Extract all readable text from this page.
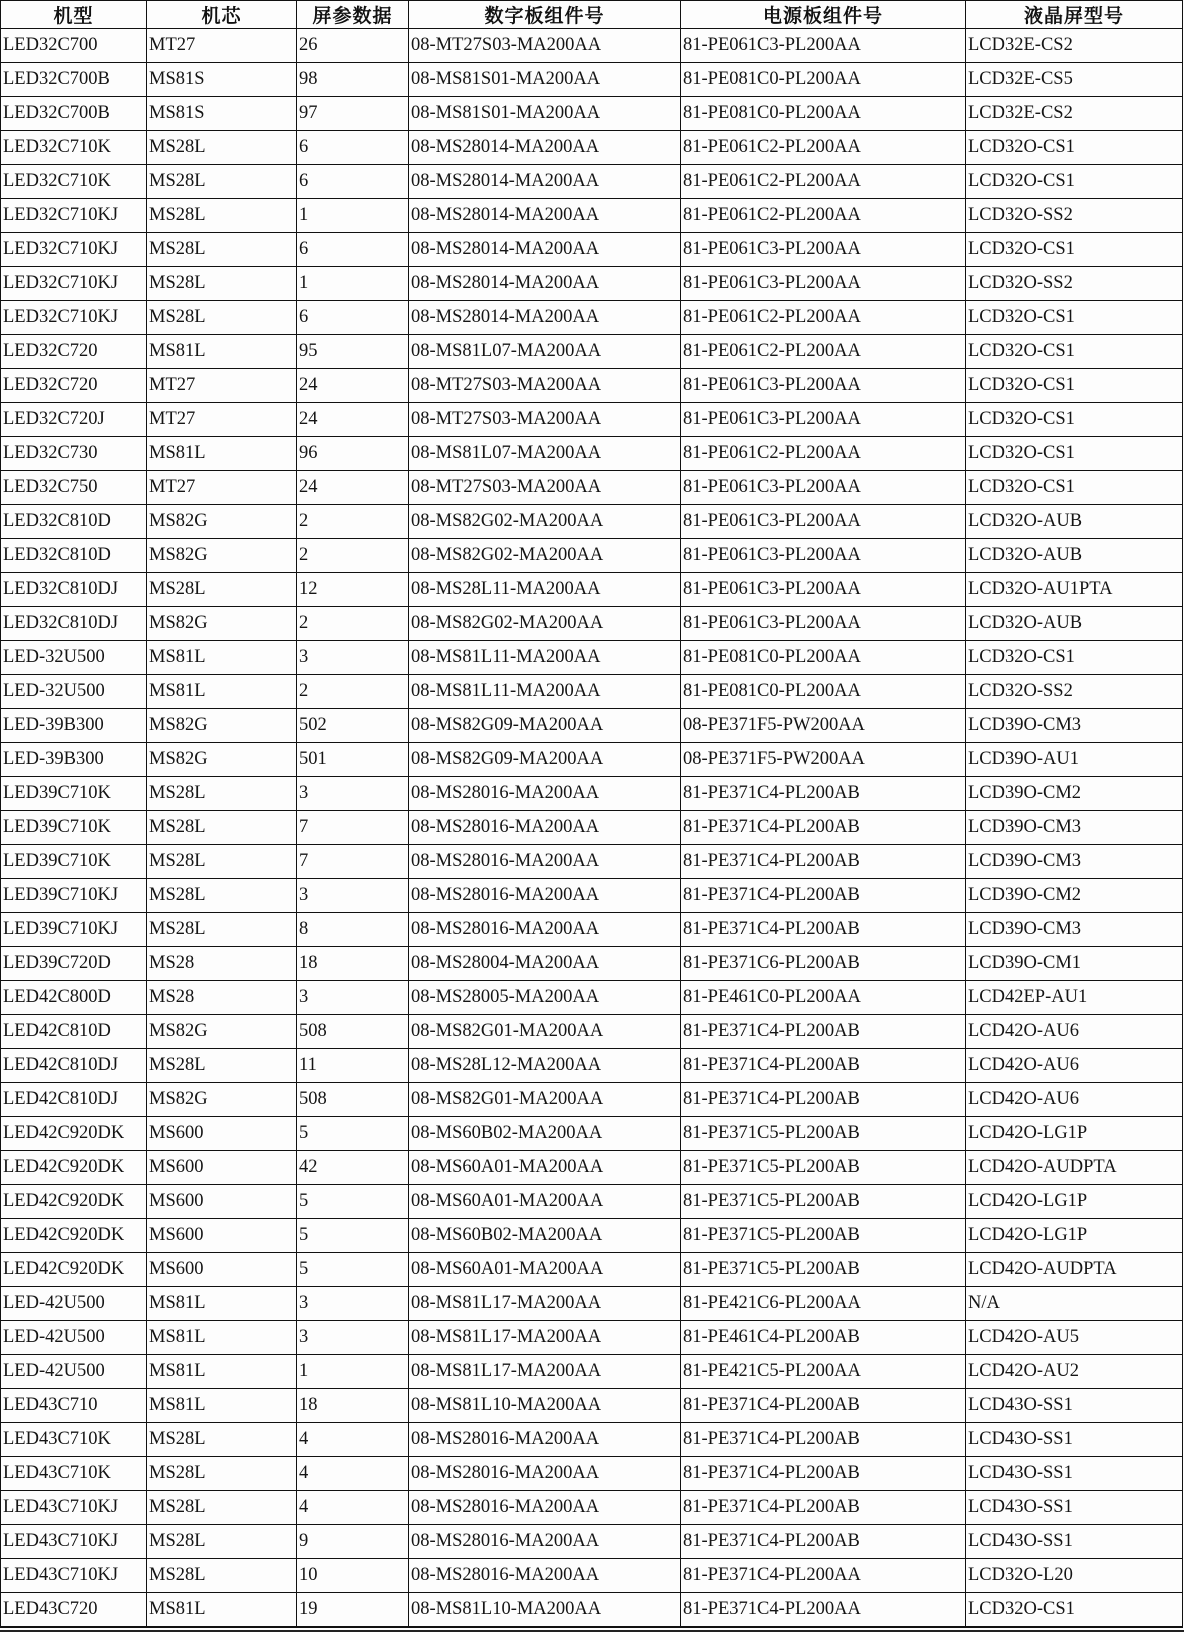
机型	机芯	屏参数据	数字板组件号	电源板组件号	液晶屏型号
LED32C700	MT27	26	08-MT27S03-MA200AA	81-PE061C3-PL200AA	LCD32E-CS2
LED32C700B	MS81S	98	08-MS81S01-MA200AA	81-PE081C0-PL200AA	LCD32E-CS5
LED32C700B	MS81S	97	08-MS81S01-MA200AA	81-PE081C0-PL200AA	LCD32E-CS2
LED32C710K	MS28L	6	08-MS28014-MA200AA	81-PE061C2-PL200AA	LCD32O-CS1
LED32C710K	MS28L	6	08-MS28014-MA200AA	81-PE061C2-PL200AA	LCD32O-CS1
LED32C710KJ	MS28L	1	08-MS28014-MA200AA	81-PE061C2-PL200AA	LCD32O-SS2
LED32C710KJ	MS28L	6	08-MS28014-MA200AA	81-PE061C3-PL200AA	LCD32O-CS1
LED32C710KJ	MS28L	1	08-MS28014-MA200AA	81-PE061C3-PL200AA	LCD32O-SS2
LED32C710KJ	MS28L	6	08-MS28014-MA200AA	81-PE061C2-PL200AA	LCD32O-CS1
LED32C720	MS81L	95	08-MS81L07-MA200AA	81-PE061C2-PL200AA	LCD32O-CS1
LED32C720	MT27	24	08-MT27S03-MA200AA	81-PE061C3-PL200AA	LCD32O-CS1
LED32C720J	MT27	24	08-MT27S03-MA200AA	81-PE061C3-PL200AA	LCD32O-CS1
LED32C730	MS81L	96	08-MS81L07-MA200AA	81-PE061C2-PL200AA	LCD32O-CS1
LED32C750	MT27	24	08-MT27S03-MA200AA	81-PE061C3-PL200AA	LCD32O-CS1
LED32C810D	MS82G	2	08-MS82G02-MA200AA	81-PE061C3-PL200AA	LCD32O-AUB
LED32C810D	MS82G	2	08-MS82G02-MA200AA	81-PE061C3-PL200AA	LCD32O-AUB
LED32C810DJ	MS28L	12	08-MS28L11-MA200AA	81-PE061C3-PL200AA	LCD32O-AU1PTA
LED32C810DJ	MS82G	2	08-MS82G02-MA200AA	81-PE061C3-PL200AA	LCD32O-AUB
LED-32U500	MS81L	3	08-MS81L11-MA200AA	81-PE081C0-PL200AA	LCD32O-CS1
LED-32U500	MS81L	2	08-MS81L11-MA200AA	81-PE081C0-PL200AA	LCD32O-SS2
LED-39B300	MS82G	502	08-MS82G09-MA200AA	08-PE371F5-PW200AA	LCD39O-CM3
LED-39B300	MS82G	501	08-MS82G09-MA200AA	08-PE371F5-PW200AA	LCD39O-AU1
LED39C710K	MS28L	3	08-MS28016-MA200AA	81-PE371C4-PL200AB	LCD39O-CM2
LED39C710K	MS28L	7	08-MS28016-MA200AA	81-PE371C4-PL200AB	LCD39O-CM3
LED39C710K	MS28L	7	08-MS28016-MA200AA	81-PE371C4-PL200AB	LCD39O-CM3
LED39C710KJ	MS28L	3	08-MS28016-MA200AA	81-PE371C4-PL200AB	LCD39O-CM2
LED39C710KJ	MS28L	8	08-MS28016-MA200AA	81-PE371C4-PL200AB	LCD39O-CM3
LED39C720D	MS28	18	08-MS28004-MA200AA	81-PE371C6-PL200AB	LCD39O-CM1
LED42C800D	MS28	3	08-MS28005-MA200AA	81-PE461C0-PL200AA	LCD42EP-AU1
LED42C810D	MS82G	508	08-MS82G01-MA200AA	81-PE371C4-PL200AB	LCD42O-AU6
LED42C810DJ	MS28L	11	08-MS28L12-MA200AA	81-PE371C4-PL200AB	LCD42O-AU6
LED42C810DJ	MS82G	508	08-MS82G01-MA200AA	81-PE371C4-PL200AB	LCD42O-AU6
LED42C920DK	MS600	5	08-MS60B02-MA200AA	81-PE371C5-PL200AB	LCD42O-LG1P
LED42C920DK	MS600	42	08-MS60A01-MA200AA	81-PE371C5-PL200AB	LCD42O-AUDPTA
LED42C920DK	MS600	5	08-MS60A01-MA200AA	81-PE371C5-PL200AB	LCD42O-LG1P
LED42C920DK	MS600	5	08-MS60B02-MA200AA	81-PE371C5-PL200AB	LCD42O-LG1P
LED42C920DK	MS600	5	08-MS60A01-MA200AA	81-PE371C5-PL200AB	LCD42O-AUDPTA
LED-42U500	MS81L	3	08-MS81L17-MA200AA	81-PE421C6-PL200AA	N/A
LED-42U500	MS81L	3	08-MS81L17-MA200AA	81-PE461C4-PL200AB	LCD42O-AU5
LED-42U500	MS81L	1	08-MS81L17-MA200AA	81-PE421C5-PL200AA	LCD42O-AU2
LED43C710	MS81L	18	08-MS81L10-MA200AA	81-PE371C4-PL200AB	LCD43O-SS1
LED43C710K	MS28L	4	08-MS28016-MA200AA	81-PE371C4-PL200AB	LCD43O-SS1
LED43C710K	MS28L	4	08-MS28016-MA200AA	81-PE371C4-PL200AB	LCD43O-SS1
LED43C710KJ	MS28L	4	08-MS28016-MA200AA	81-PE371C4-PL200AB	LCD43O-SS1
LED43C710KJ	MS28L	9	08-MS28016-MA200AA	81-PE371C4-PL200AB	LCD43O-SS1
LED43C710KJ	MS28L	10	08-MS28016-MA200AA	81-PE371C4-PL200AA	LCD32O-L20
LED43C720	MS81L	19	08-MS81L10-MA200AA	81-PE371C4-PL200AA	LCD32O-CS1
